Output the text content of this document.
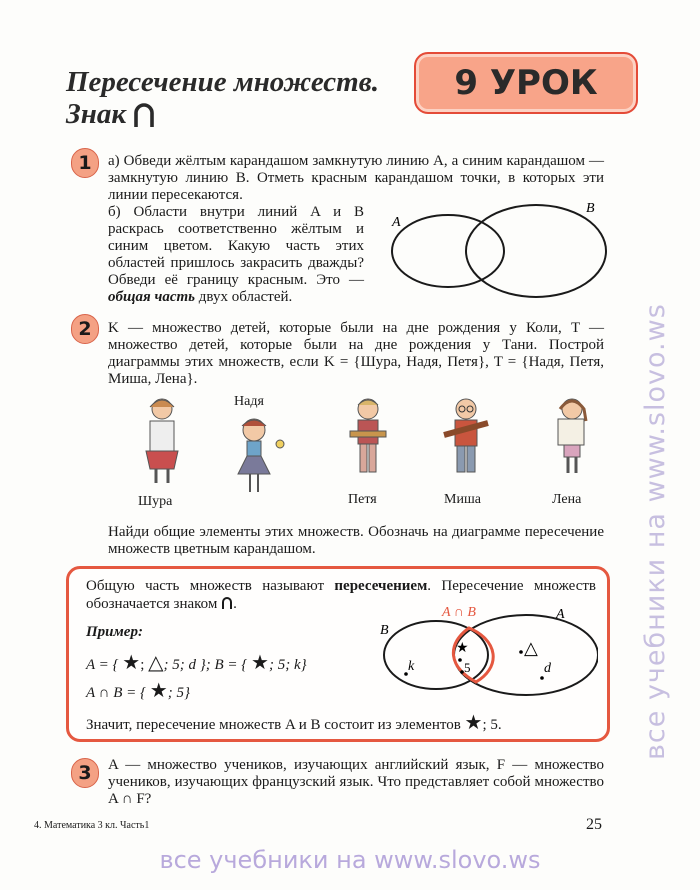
Пересечение множеств.
Знак
9 УРОК
1	а) Обведи жёлтым карандашом замкнутую линию A, а синим карандашом — замкнутую линию B. Отметь красным карандашом точки, в которых эти линии пересекаются.
б) Области внутри линий A и B раскрась соответственно жёлтым и синим цветом. Какую часть этих областей пришлось закрасить дважды? Обведи её границу красным. Это — общая часть двух областей.
A
B
2	K — множество детей, которые были на дне рождения у Коли, T — множество детей, которые были на дне рождения у Тани. Построй диаграммы этих множеств, если K = {Шура, Надя, Петя}, T = {Надя, Петя, Миша, Лена}.
Надя
Шура	Петя	Миша	Лена
Найди общие элементы этих множеств. Обозначь на диаграмме пересечение множеств цветным карандашом.
Общую часть множеств называют пересечением. Пересечение множеств обозначается знаком .
Пример:
A = { ★; △; 5; d }; B = { ★; 5; k}
A ∩ B = { ★; 5}
A ∩ B
B
A
★
5
k
△
d
Значит, пересечение множеств A и B состоит из элементов ★; 5.
3	A — множество учеников, изучающих английский язык, F — множество учеников, изучающих французский язык. Что представляет собой множество A ∩ F?
4. Математика 3 кл. Часть1	25
все учебники на www.slovo.ws
все учебники на www.slovo.ws
